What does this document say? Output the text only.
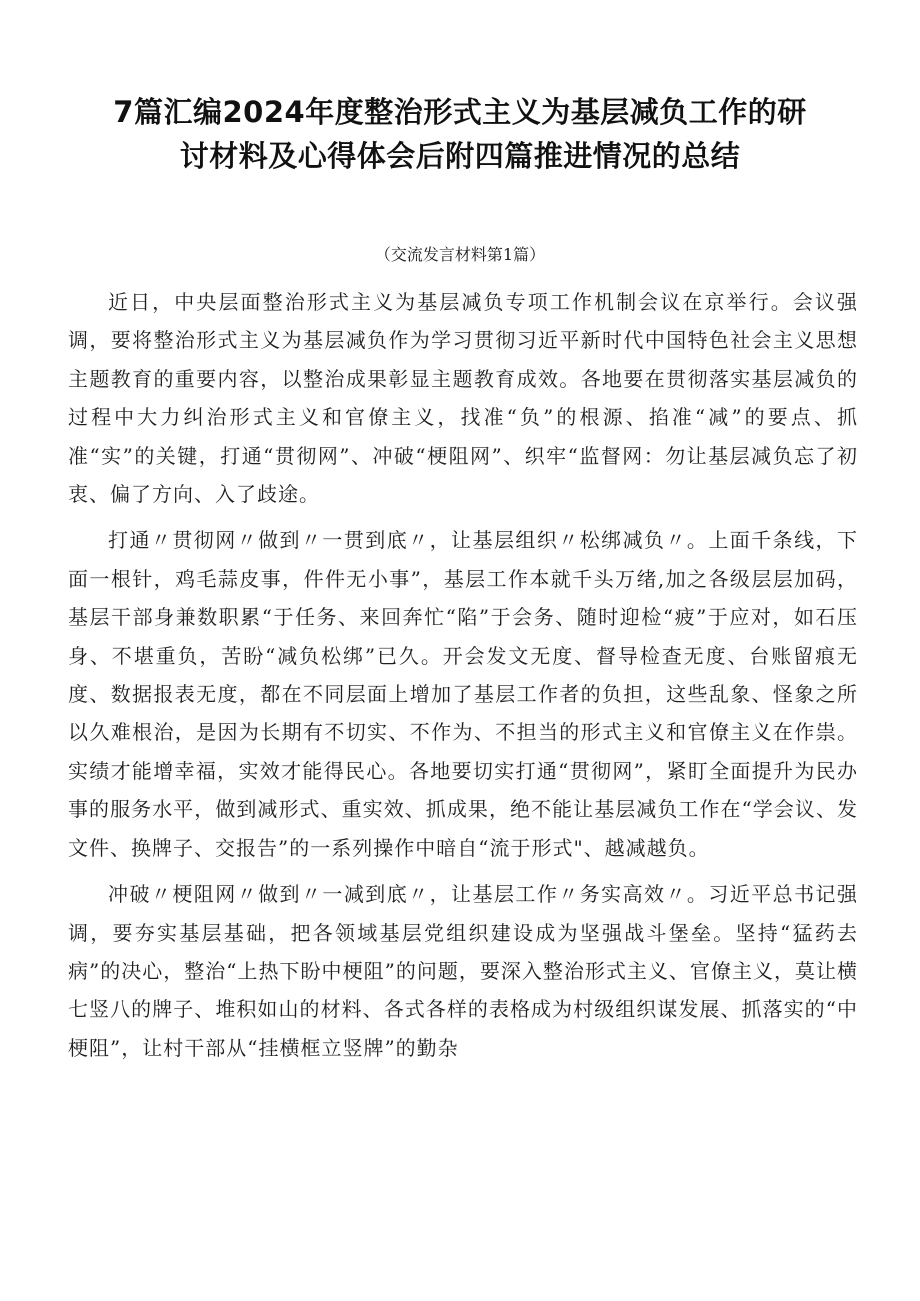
7篇汇编2024年度整治形式主义为基层减负工作的研
讨材料及心得体会后附四篇推进情况的总结
（交流发言材料第1篇）

近日，中央层面整治形式主义为基层减负专项工作机制会议在京举行。会议强调，要将整治形式主义为基层减负作为学习贯彻习近平新时代中国特色社会主义思想主题教育的重要内容，以整治成果彰显主题教育成效。各地要在贯彻落实基层减负的过程中大力纠治形式主义和官僚主义，找准“负”的根源、掐准“减”的要点、抓准“实”的关键，打通“贯彻网”、冲破“梗阻网”、织牢“监督网：勿让基层减负忘了初衷、偏了方向、入了歧途。

打通〃贯彻网〃做到〃一贯到底〃，让基层组织〃松绑减负〃。上面千条线，下面一根针，鸡毛蒜皮事，件件无小事”，基层工作本就千头万绪,加之各级层层加码，基层干部身兼数职累“于任务、来回奔忙“陷”于会务、随时迎检“疲”于应对，如石压身、不堪重负，苦盼“减负松绑”已久。开会发文无度、督导检查无度、台账留痕无度、数据报表无度，都在不同层面上增加了基层工作者的负担，这些乱象、怪象之所以久难根治，是因为长期有不切实、不作为、不担当的形式主义和官僚主义在作祟。实绩才能增幸福，实效才能得民心。各地要切实打通“贯彻网”，紧盯全面提升为民办事的服务水平，做到减形式、重实效、抓成果，绝不能让基层减负工作在“学会议、发文件、换牌子、交报告”的一系列操作中暗自“流于形式"、越减越负。

冲破〃梗阻网〃做到〃一减到底〃，让基层工作〃务实高效〃。习近平总书记强调，要夯实基层基础，把各领域基层党组织建设成为坚强战斗堡垒。坚持“猛药去病”的决心，整治“上热下盼中梗阻”的问题，要深入整治形式主义、官僚主义，莫让横七竖八的牌子、堆积如山的材料、各式各样的表格成为村级组织谋发展、抓落实的“中梗阻”，让村干部从“挂横框立竖牌”的勤杂
